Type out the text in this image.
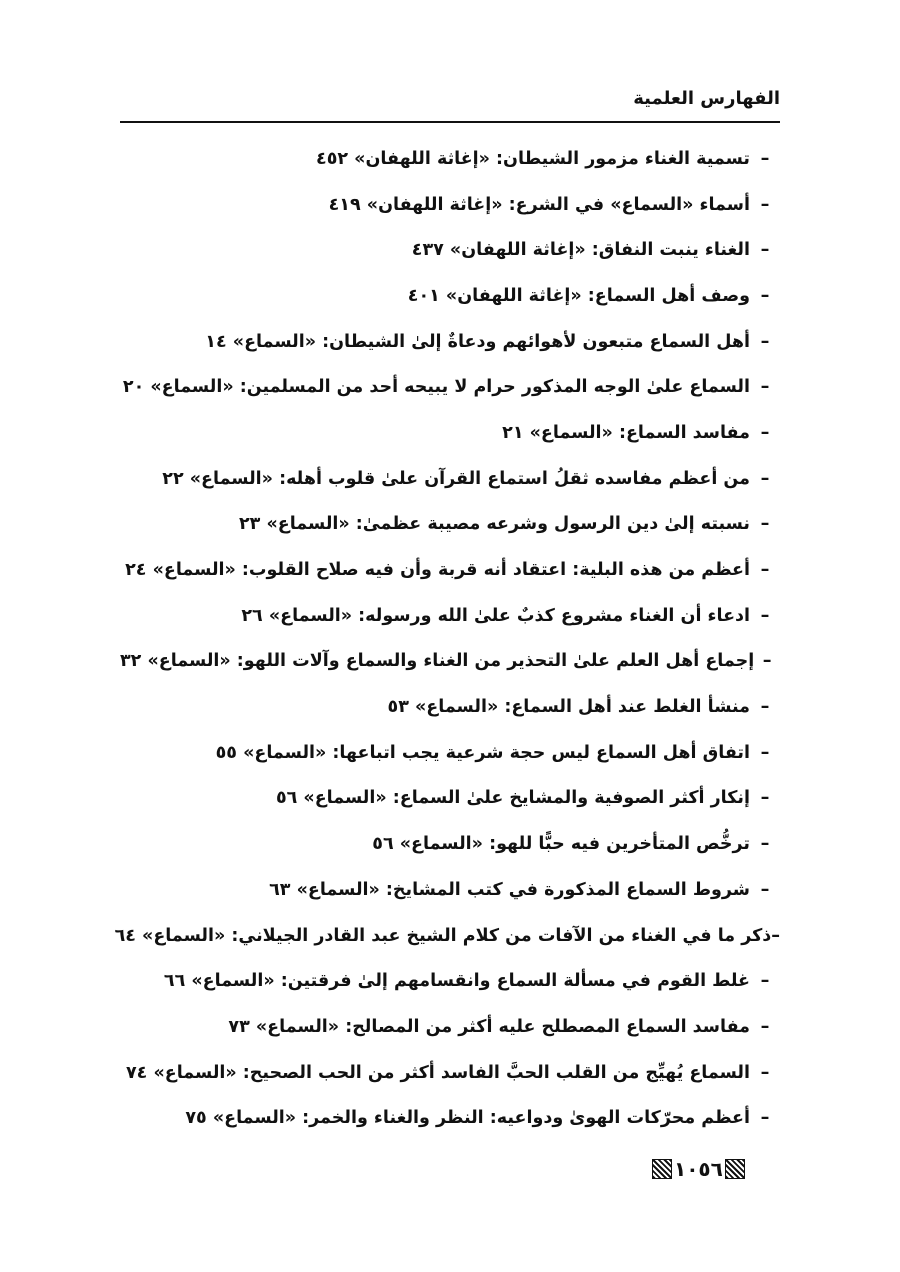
الفهارس العلمية
–
تسمية الغناء مزمور الشيطان: «إغاثة اللهفان» ٤٥٢
–
أسماء «السماع» في الشرع: «إغاثة اللهفان» ٤١٩
–
الغناء ينبت النفاق: «إغاثة اللهفان» ٤٣٧
–
وصف أهل السماع: «إغاثة اللهفان» ٤٠١
–
أهل السماع متبعون لأهوائهم ودعاةٌ إلىٰ الشيطان: «السماع» ١٤
–
السماع علىٰ الوجه المذكور حرام لا يبيحه أحد من المسلمين: «السماع» ٢٠
–
مفاسد السماع: «السماع» ٢١
–
من أعظم مفاسده ثقلُ استماع القرآن علىٰ قلوب أهله: «السماع» ٢٢
–
نسبته إلىٰ دين الرسول وشرعه مصيبة عظمىٰ: «السماع» ٢٣
–
أعظم من هذه البلية: اعتقاد أنه قربة وأن فيه صلاح القلوب: «السماع» ٢٤
–
ادعاء أن الغناء مشروع كذبٌ علىٰ الله ورسوله: «السماع» ٢٦
–
إجماع أهل العلم علىٰ التحذير من الغناء والسماع وآلات اللهو: «السماع» ٣٢
–
منشأ الغلط عند أهل السماع: «السماع» ٥٣
–
اتفاق أهل السماع ليس حجة شرعية يجب اتباعها: «السماع» ٥٥
–
إنكار أكثر الصوفية والمشايخ علىٰ السماع: «السماع» ٥٦
–
ترخُّص المتأخرين فيه حبًّا للهو: «السماع» ٥٦
–
شروط السماع المذكورة في كتب المشايخ: «السماع» ٦٣
–
ذكر ما في الغناء من الآفات من كلام الشيخ عبد القادر الجيلاني: «السماع» ٦٤
–
غلط القوم في مسألة السماع وانقسامهم إلىٰ فرقتين: «السماع» ٦٦
–
مفاسد السماع المصطلح عليه أكثر من المصالح: «السماع» ٧٣
–
السماع يُهيِّج من القلب الحبَّ الفاسد أكثر من الحب الصحيح: «السماع» ٧٤
–
أعظم محرّكات الهوىٰ ودواعيه: النظر والغناء والخمر: «السماع» ٧٥
١٠٥٦
